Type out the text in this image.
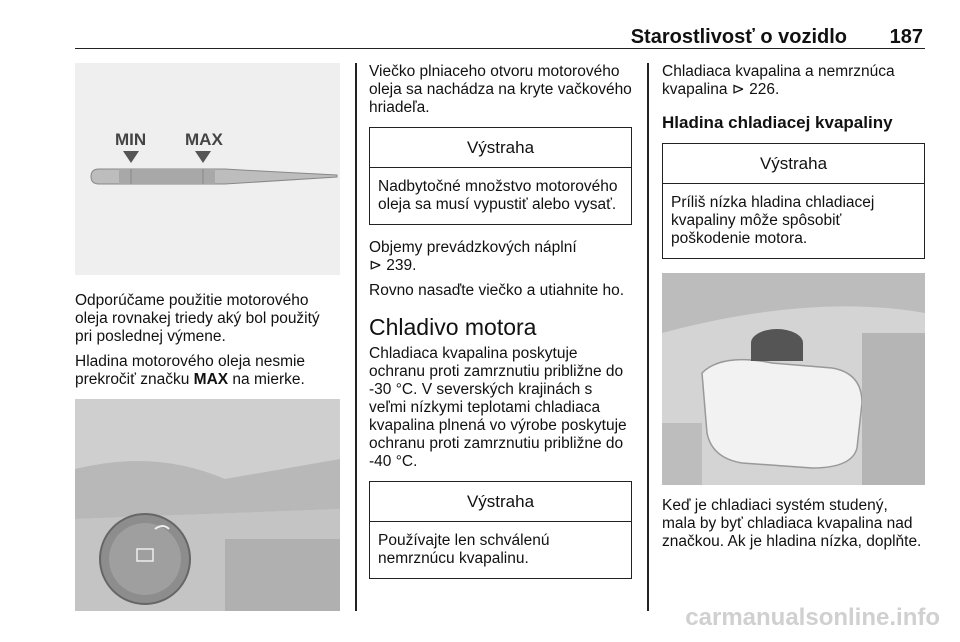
Starostlivosť o vozidlo 187
MIN MAX

Odporúčame použitie motorového oleja rovnakej triedy aký bol použitý pri poslednej výmene.

Hladina motorového oleja nesmie prekročiť značku MAX na mierke.

Viečko plniaceho otvoru motorového oleja sa nachádza na kryte vačkového hriadeľa.

Výstraha
Nadbytočné množstvo motorového oleja sa musí vypustiť alebo vysať.

Objemy prevádzkových náplní
⊳ 239.

Rovno nasaďte viečko a utiahnite ho.

Chladivo motora

Chladiaca kvapalina poskytuje ochranu proti zamrznutiu približne do -30 °C. V severských krajinách s veľmi nízkymi teplotami chladiaca kvapalina plnená vo výrobe poskytuje ochranu proti zamrznutiu približne do -40 °C.

Výstraha
Používajte len schválenú nemrznúcu kvapalinu.

Chladiaca kvapalina a nemrznúca kvapalina ⊳ 226.

Hladina chladiacej kvapaliny
Výstraha
Príliš nízka hladina chladiacej kvapaliny môže spôsobiť poškodenie motora.

Keď je chladiaci systém studený, mala by byť chladiaca kvapalina nad značkou. Ak je hladina nízka, doplňte.

carmanualsonline.info
